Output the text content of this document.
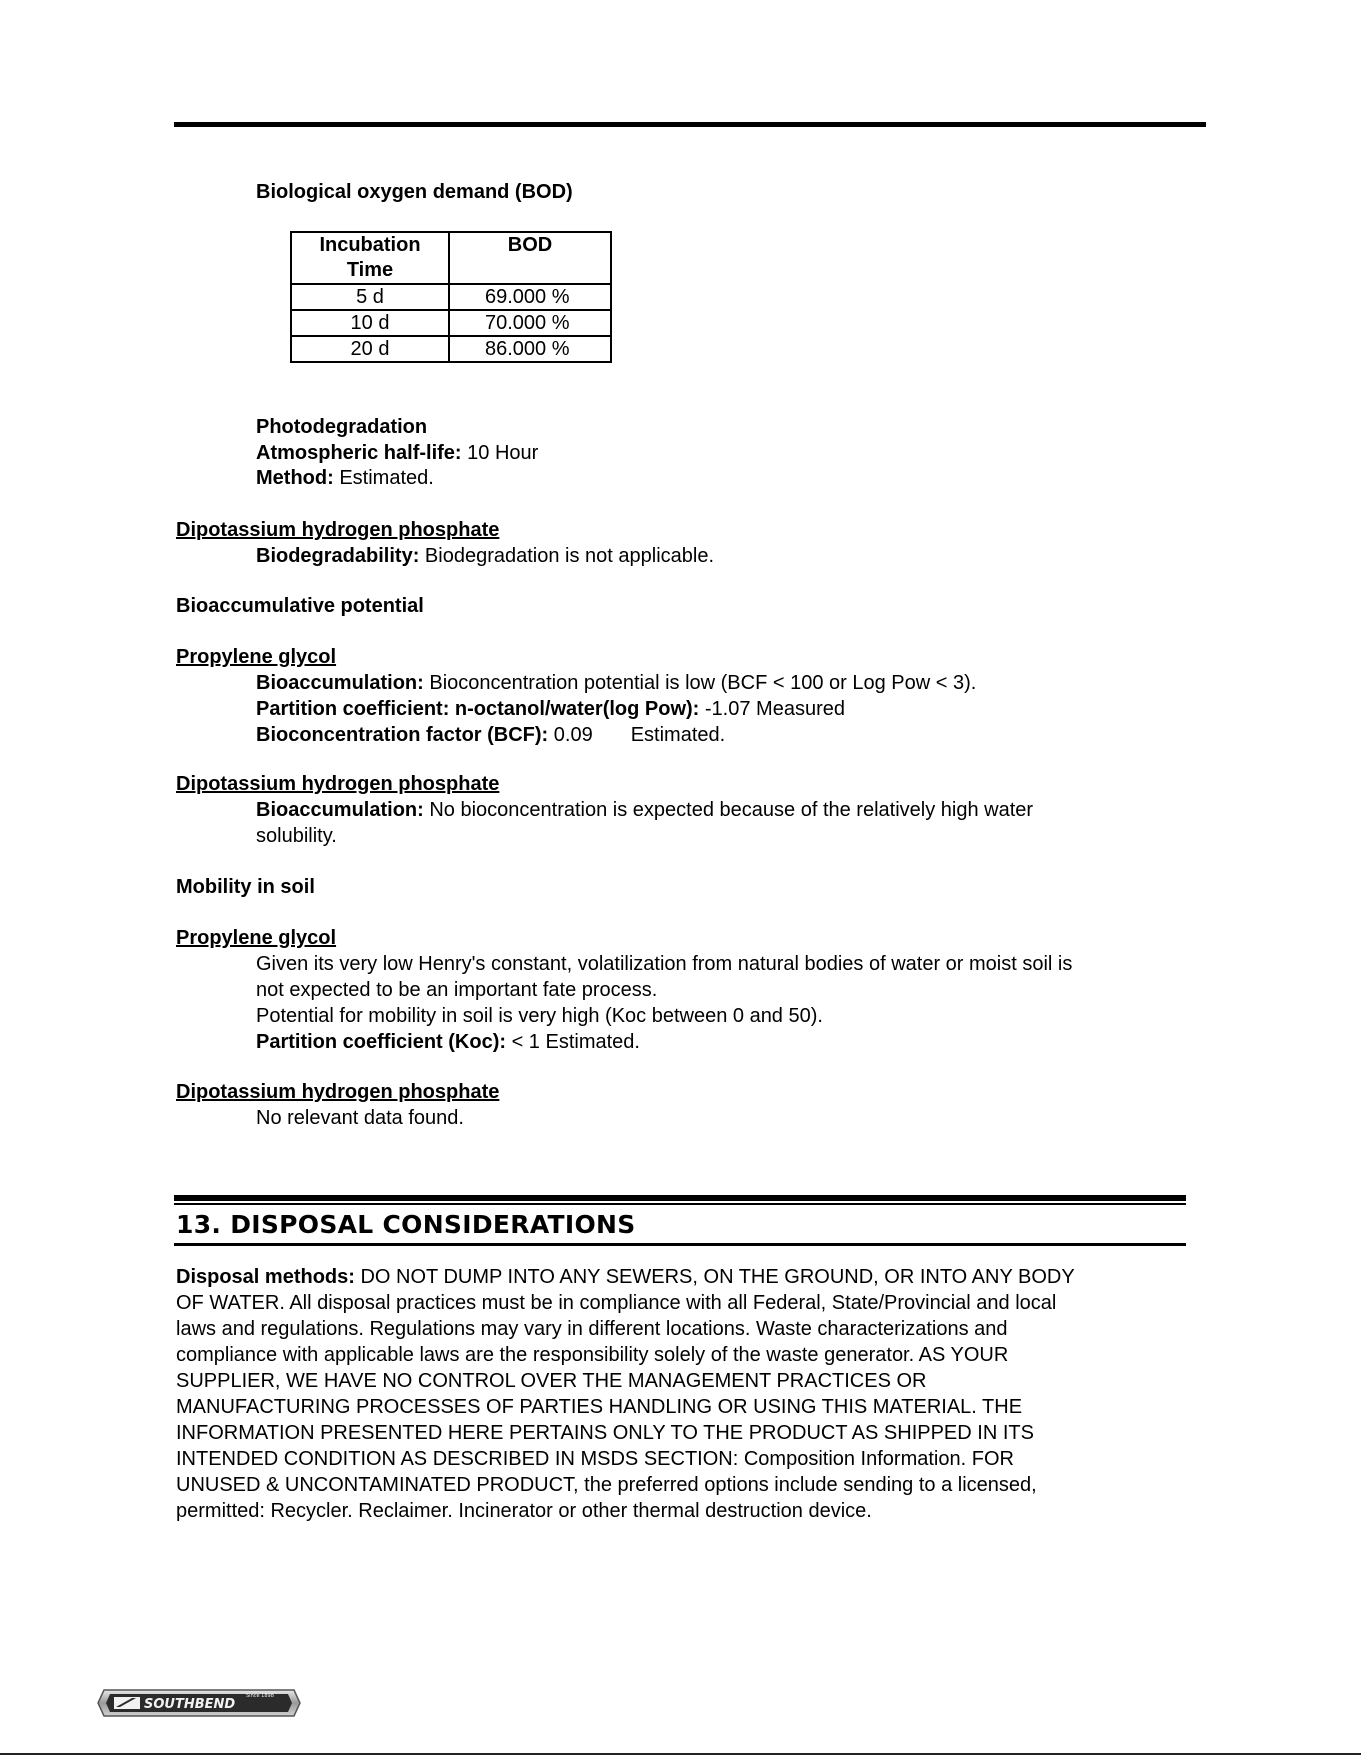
Biological oxygen demand (BOD)
Incubation
Time	BOD
5 d	69.000 %
10 d	70.000 %
20 d	86.000 %
Photodegradation
Atmospheric half-life: 10 Hour
Method: Estimated.
Dipotassium hydrogen phosphate
Biodegradability: Biodegradation is not applicable.
Bioaccumulative potential
Propylene glycol
Bioaccumulation: Bioconcentration potential is low (BCF < 100 or Log Pow < 3).
Partition coefficient: n-octanol/water(log Pow): -1.07 Measured
Bioconcentration factor (BCF): 0.09 Estimated.
Dipotassium hydrogen phosphate
Bioaccumulation: No bioconcentration is expected because of the relatively high water
solubility.
Mobility in soil
Propylene glycol
Given its very low Henry's constant, volatilization from natural bodies of water or moist soil is
not expected to be an important fate process.
Potential for mobility in soil is very high (Koc between 0 and 50).
Partition coefficient (Koc): < 1 Estimated.
Dipotassium hydrogen phosphate
No relevant data found.
13. DISPOSAL CONSIDERATIONS
Disposal methods: DO NOT DUMP INTO ANY SEWERS, ON THE GROUND, OR INTO ANY BODY
OF WATER. All disposal practices must be in compliance with all Federal, State/Provincial and local
laws and regulations. Regulations may vary in different locations. Waste characterizations and
compliance with applicable laws are the responsibility solely of the waste generator. AS YOUR
SUPPLIER, WE HAVE NO CONTROL OVER THE MANAGEMENT PRACTICES OR
MANUFACTURING PROCESSES OF PARTIES HANDLING OR USING THIS MATERIAL. THE
INFORMATION PRESENTED HERE PERTAINS ONLY TO THE PRODUCT AS SHIPPED IN ITS
INTENDED CONDITION AS DESCRIBED IN MSDS SECTION: Composition Information. FOR
UNUSED & UNCONTAMINATED PRODUCT, the preferred options include sending to a licensed,
permitted: Recycler. Reclaimer. Incinerator or other thermal destruction device.
SOUTHBEND
Since 1898
